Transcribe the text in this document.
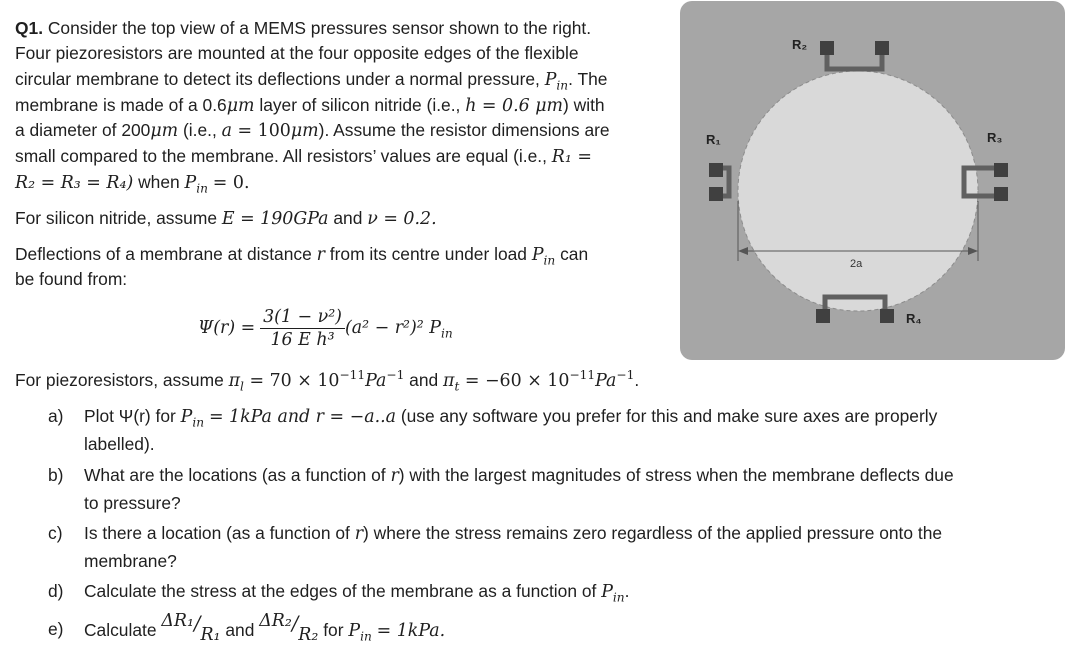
Q1. Consider the top view of a MEMS pressures sensor shown to the right.
Four piezoresistors are mounted at the four opposite edges of the flexible
circular membrane to detect its deflections under a normal pressure, $P_{in}$. The
membrane is made of a 0.6μm layer of silicon nitride (i.e., h = 0.6 μm) with
a diameter of 200μm (i.e., a = 100μm). Assume the resistor dimensions are
small compared to the membrane. All resistors’ values are equal (i.e., R₁ =
R₂ = R₃ = R₄) when $P_{in} = 0$.
For silicon nitride, assume E = 190GPa and ν = 0.2.
Deflections of a membrane at distance r from its centre under load $P_{in}$ can
be found from:
$\Psi(r) = \frac{\text{3(1 − ν²)}}{\text{16 E h³}} (a^2 - r^2)^2$ $P_{in}$
For piezoresistors, assume $\pi_l = 70 \times 10^{-11}Pa^{-1}$ and $\pi_t = -60 \times 10^{-11}Pa^{-1}$.
a) Plot Ψ(r) for $P_{in} = 1kPa$ and r = −a..a (use any software you prefer for this and make sure axes are properly
labelled).
b) What are the locations (as a function of r) with the largest magnitudes of stress when the membrane deflects due
to pressure?
c) Is there a location (as a function of r) where the stress remains zero regardless of the applied pressure onto the
membrane?
d) Calculate the stress at the edges of the membrane as a function of $P_{in}$.
e) Calculate ΔR₁/R₁ and ΔR₂/R₂ for $P_{in} = 1kPa$.
R₂
R₁	R₃
R₄
2a
